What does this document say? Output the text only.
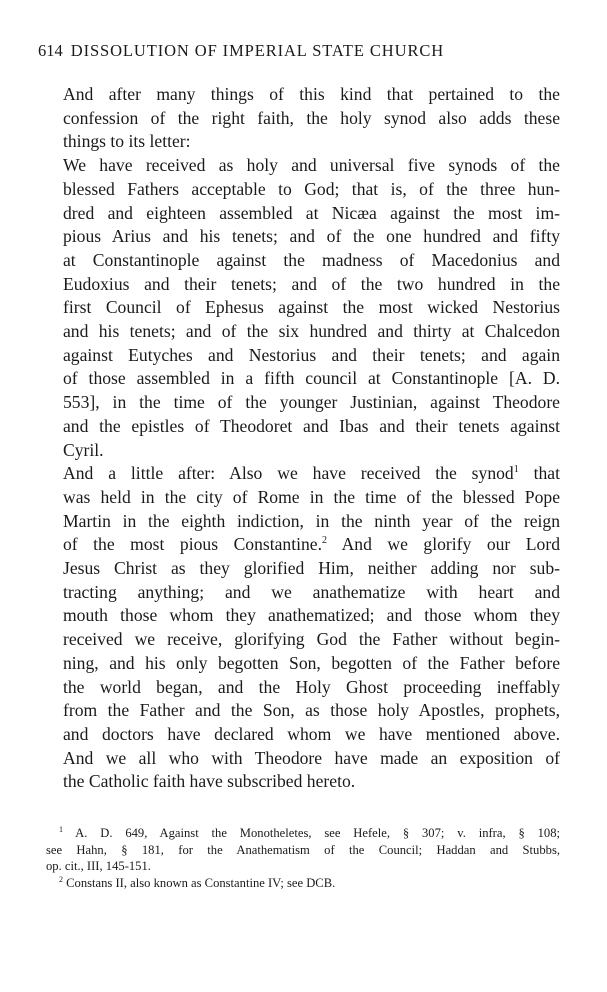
614 DISSOLUTION OF IMPERIAL STATE CHURCH

And after many things of this kind that pertained to the
confession of the right faith, the holy synod also adds these
things to its letter:

We have received as holy and universal five synods of the
blessed Fathers acceptable to God; that is, of the three hun-
dred and eighteen assembled at Nicæa against the most im-
pious Arius and his tenets; and of the one hundred and fifty
at Constantinople against the madness of Macedonius and
Eudoxius and their tenets; and of the two hundred in the
first Council of Ephesus against the most wicked Nestorius
and his tenets; and of the six hundred and thirty at Chalcedon
against Eutyches and Nestorius and their tenets; and again
of those assembled in a fifth council at Constantinople [A. D.
553], in the time of the younger Justinian, against Theodore
and the epistles of Theodoret and Ibas and their tenets against
Cyril.

And a little after: Also we have received the synod$^1$ that
was held in the city of Rome in the time of the blessed Pope
Martin in the eighth indiction, in the ninth year of the reign
of the most pious Constantine.$^2$ And we glorify our Lord
Jesus Christ as they glorified Him, neither adding nor sub-
tracting anything; and we anathematize with heart and
mouth those whom they anathematized; and those whom they
received we receive, glorifying God the Father without begin-
ning, and his only begotten Son, begotten of the Father before
the world began, and the Holy Ghost proceeding ineffably
from the Father and the Son, as those holy Apostles, prophets,
and doctors have declared whom we have mentioned above.
And we all who with Theodore have made an exposition of
the Catholic faith have subscribed hereto.

$^1$ A. D. 649, Against the Monotheletes, see Hefele, § 307; v. infra, § 108;
see Hahn, § 181, for the Anathematism of the Council; Haddan and Stubbs,
op. cit., III, 145-151.
$^2$ Constans II, also known as Constantine IV; see DCB.
